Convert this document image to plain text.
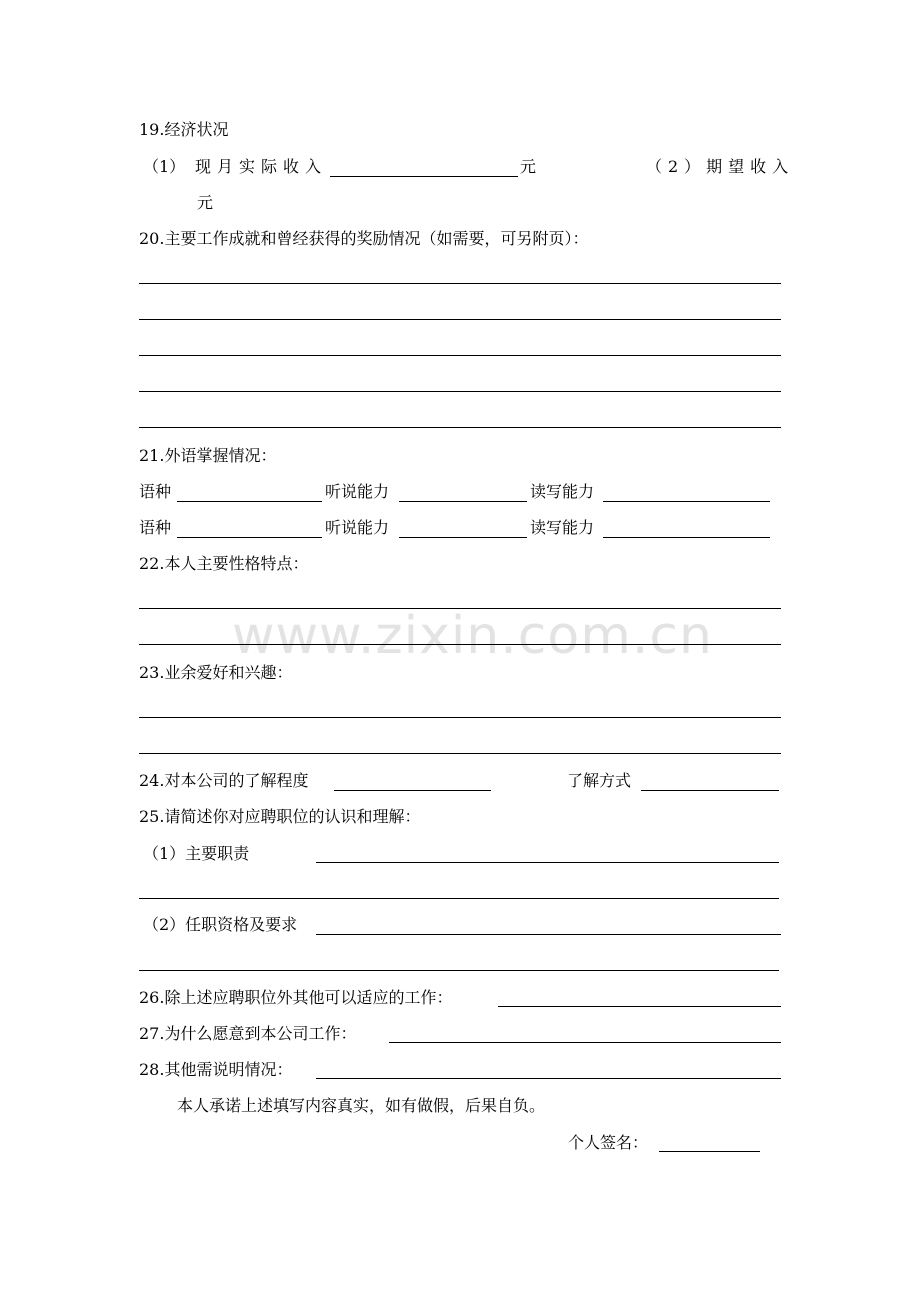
www.zixin.com.cn
19.经济状况
（1） 现月实际收入	元	（2）期望收入
元
20.主要工作成就和曾经获得的奖励情况（如需要，可另附页）：
21.外语掌握情况：
语种	听说能力	读写能力
语种	听说能力	读写能力
22.本人主要性格特点：
23.业余爱好和兴趣：
24.对本公司的了解程度	了解方式
25.请简述你对应聘职位的认识和理解：
（1）主要职责
（2）任职资格及要求
26.除上述应聘职位外其他可以适应的工作：
27.为什么愿意到本公司工作：
28.其他需说明情况：
本人承诺上述填写内容真实，如有做假，后果自负。
个人签名：
